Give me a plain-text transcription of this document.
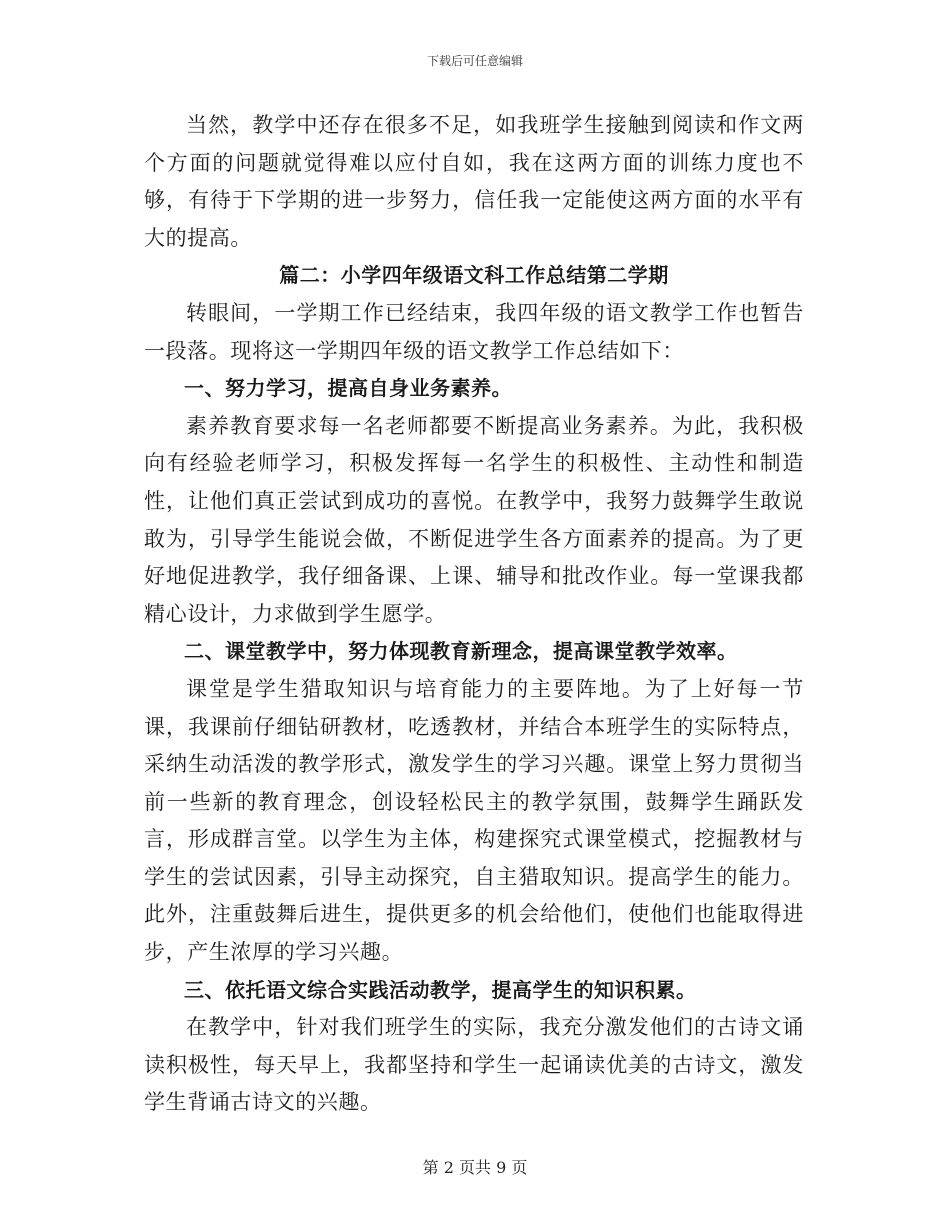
下载后可任意编辑

当然，教学中还存在很多不足，如我班学生接触到阅读和作文两个方面的问题就觉得难以应付自如，我在这两方面的训练力度也不够，有待于下学期的进一步努力，信任我一定能使这两方面的水平有大的提高。

篇二：小学四年级语文科工作总结第二学期

转眼间，一学期工作已经结束，我四年级的语文教学工作也暂告一段落。现将这一学期四年级的语文教学工作总结如下：

一、努力学习，提高自身业务素养。

素养教育要求每一名老师都要不断提高业务素养。为此，我积极向有经验老师学习，积极发挥每一名学生的积极性、主动性和制造性，让他们真正尝试到成功的喜悦。在教学中，我努力鼓舞学生敢说敢为，引导学生能说会做，不断促进学生各方面素养的提高。为了更好地促进教学，我仔细备课、上课、辅导和批改作业。每一堂课我都精心设计，力求做到学生愿学。

二、课堂教学中，努力体现教育新理念，提高课堂教学效率。

课堂是学生猎取知识与培育能力的主要阵地。为了上好每一节课，我课前仔细钻研教材，吃透教材，并结合本班学生的实际特点，采纳生动活泼的教学形式，激发学生的学习兴趣。课堂上努力贯彻当前一些新的教育理念，创设轻松民主的教学氛围，鼓舞学生踊跃发言，形成群言堂。以学生为主体，构建探究式课堂模式，挖掘教材与学生的尝试因素，引导主动探究，自主猎取知识。提高学生的能力。此外，注重鼓舞后进生，提供更多的机会给他们，使他们也能取得进步，产生浓厚的学习兴趣。

三、依托语文综合实践活动教学，提高学生的知识积累。

在教学中，针对我们班学生的实际，我充分激发他们的古诗文诵读积极性，每天早上，我都坚持和学生一起诵读优美的古诗文，激发学生背诵古诗文的兴趣。

第 2 页共 9 页
